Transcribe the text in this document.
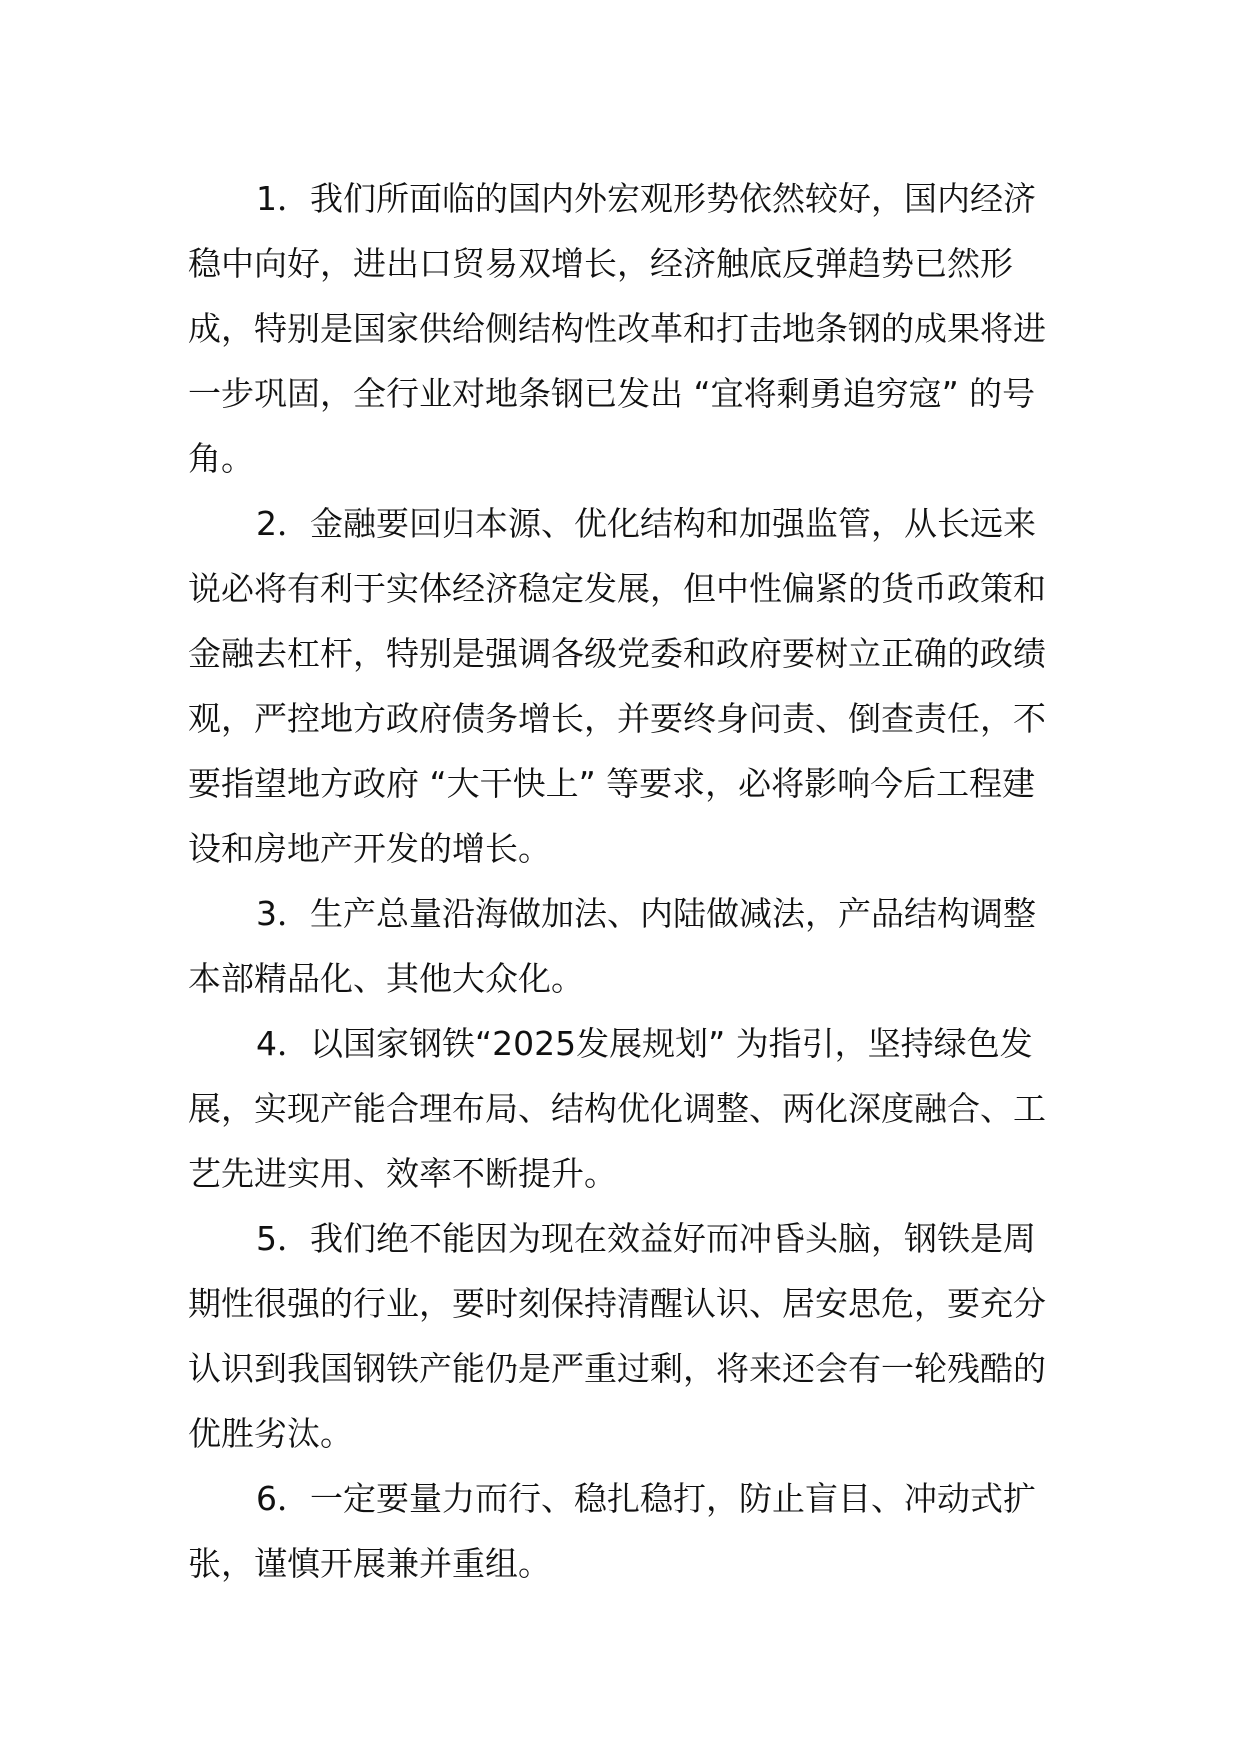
1．我们所面临的国内外宏观形势依然较好，国内经济稳中向好，进出口贸易双增长，经济触底反弹趋势已然形成，特别是国家供给侧结构性改革和打击地条钢的成果将进一步巩固，全行业对地条钢已发出 “宜将剩勇追穷寇” 的号角。

2．金融要回归本源、优化结构和加强监管，从长远来说必将有利于实体经济稳定发展，但中性偏紧的货币政策和金融去杠杆，特别是强调各级党委和政府要树立正确的政绩观，严控地方政府债务增长，并要终身问责、倒查责任，不要指望地方政府 “大干快上” 等要求，必将影响今后工程建设和房地产开发的增长。

3．生产总量沿海做加法、内陆做减法，产品结构调整本部精品化、其他大众化。

4．以国家钢铁“2025发展规划” 为指引，坚持绿色发展，实现产能合理布局、结构优化调整、两化深度融合、工艺先进实用、效率不断提升。

5．我们绝不能因为现在效益好而冲昏头脑，钢铁是周期性很强的行业，要时刻保持清醒认识、居安思危，要充分认识到我国钢铁产能仍是严重过剩，将来还会有一轮残酷的优胜劣汰。

6．一定要量力而行、稳扎稳打，防止盲目、冲动式扩张，谨慎开展兼并重组。
